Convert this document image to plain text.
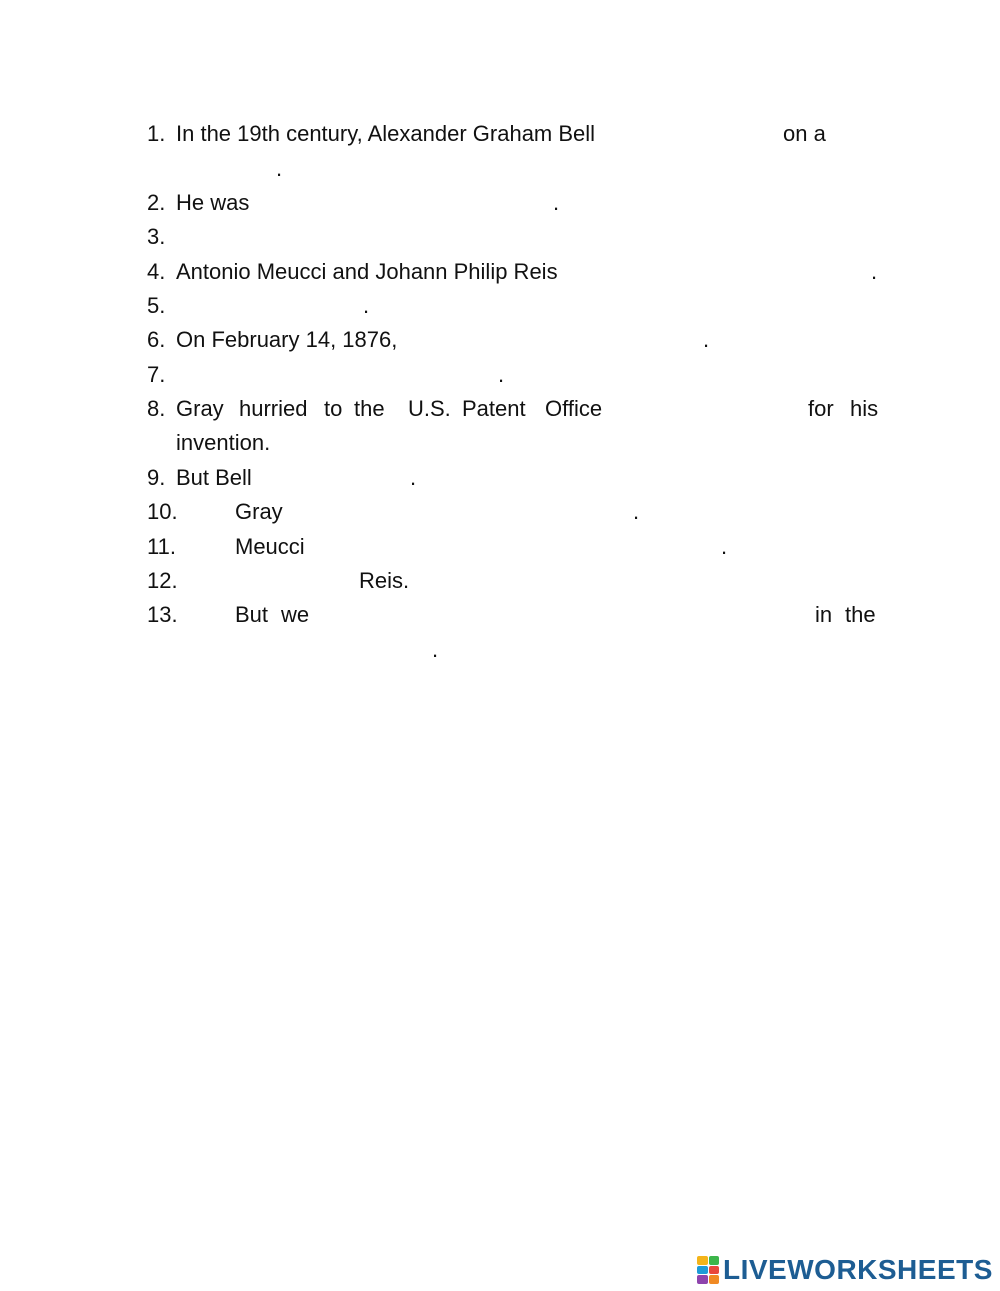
1. In the 19th century, Alexander Graham Bell	on a
.
2. He was	.
3.
4. Antonio Meucci and Johann Philip Reis	.
5.	.
6. On February 14, 1876,	.
7.	.
8. Gray hurried to the U.S. Patent Office	for his
invention.
9. But Bell	.
10.	Gray	.
11.	Meucci	.
12.	Reis.
13.	But we	in the
.
LIVEWORKSHEETS
